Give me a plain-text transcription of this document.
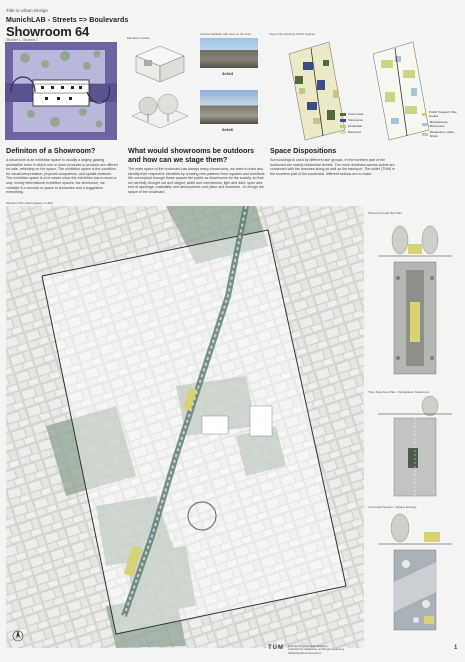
Title in Urban Design
MunichLAB - Streets => Boulevards
Showroom 64
Student 1, Student 2	Elevation Arcade
Arcade Highlight with view on the bold
3x3x3
6x6x6
View of the Existing Public Spaces
Green areas
Showrooms
Residential
Mixed Use
Public Transport / Bus Routes
Miscellaneous Businesses
Restaurants, Cafes, Shops
Definiton of a Showroom?
A showroom is an exhibition space in usually a largely glazing accessible room in which one or more products or produce are offered for sale, reflecting on the space. The exhibition space is the condition for visual interpretation, physical comparison, and spatial relations. The exhibition space is a lot easier since the exhibition has a mood or way, mostly international exhibition spaces, the showroom, we consider it a concept or space to showcase and a suggestion everything.
What would showrooms be outdoors and how can we stage them?
The main space of the boulevard has always many showrooms, we want to track and identify their respective identities by creating new patterns from squares and functions. We conceptual through these spaces the public as showrooms for the society, so that we carefully thought out and staged, width and narrowness, light and dark, open and end of openings, materiality and atmospheres and place and moments - to design the space of the boulevard.
Space Dispositions
Surroundings is used by different user groups. In the northern part of the boulevard are mainly residential streets. The more dominant access points are connected with the avenues along as well as the transport. The wider (TUM) in the southern part of the boulevard, different actions are to make.
Situation Plan Siebengasse 1:1500
Planned Arcade Box Plan
Tram Stop Area Plan - Workplaces Showroom
Crossroad Section - Square Ecology
TUM Technische Universität München
Lehrstuhl für Städtebau und Regionalplanung
Städtebauliches Entwerfen
1
